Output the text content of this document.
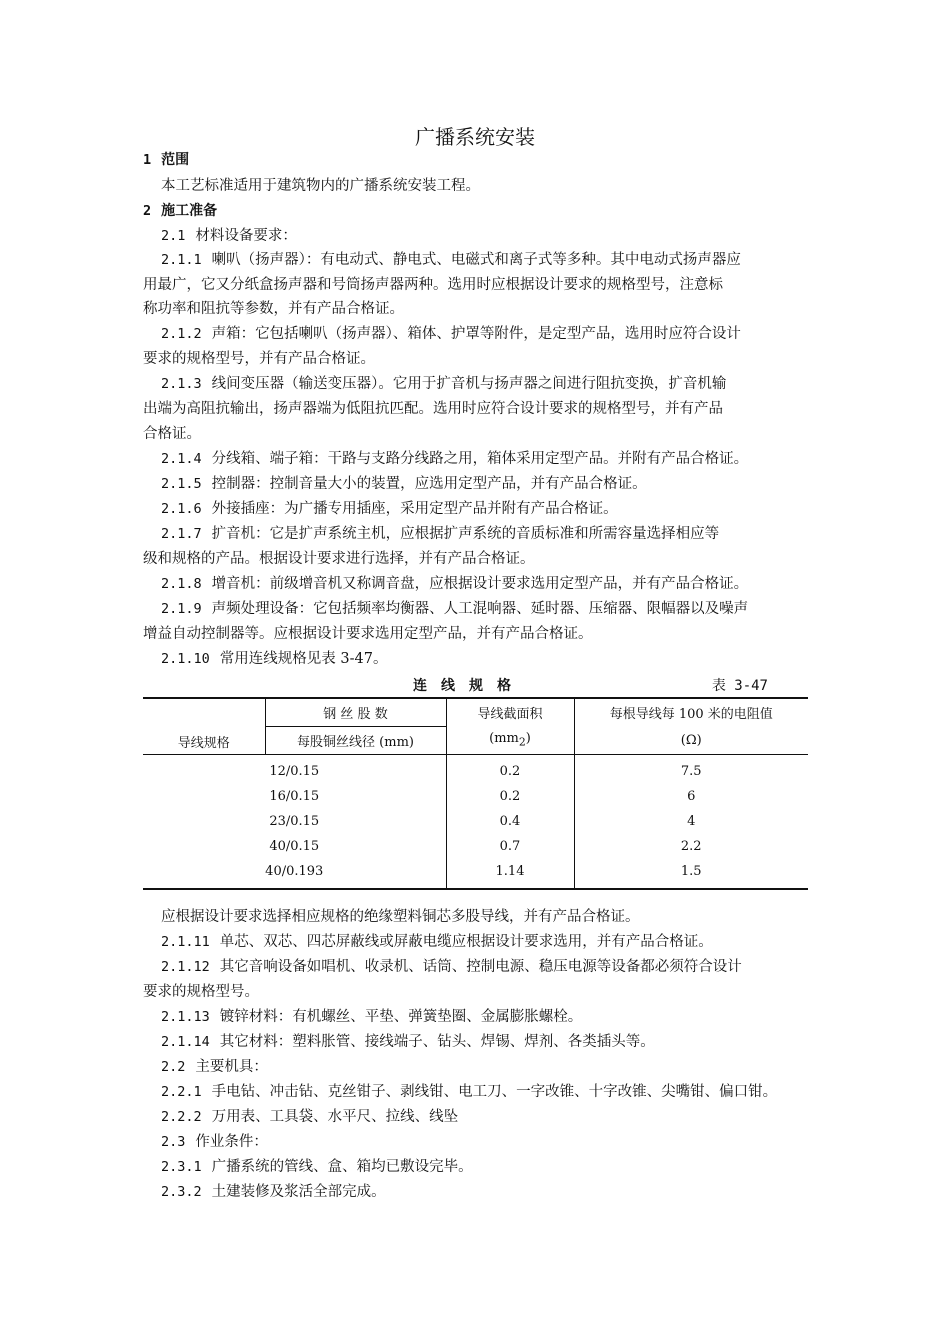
广播系统安装
1 范围
本工艺标准适用于建筑物内的广播系统安装工程。
2 施工准备
2.1 材料设备要求：
2.1.1 喇叭（扬声器）：有电动式、静电式、电磁式和离子式等多种。其中电动式扬声器应
用最广，它又分纸盒扬声器和号筒扬声器两种。选用时应根据设计要求的规格型号，注意标
称功率和阻抗等参数，并有产品合格证。
2.1.2 声箱：它包括喇叭（扬声器）、箱体、护罩等附件，是定型产品，选用时应符合设计
要求的规格型号，并有产品合格证。
2.1.3 线间变压器（输送变压器）。它用于扩音机与扬声器之间进行阻抗变换，扩音机输
出端为高阻抗输出，扬声器端为低阻抗匹配。选用时应符合设计要求的规格型号，并有产品
合格证。
2.1.4 分线箱、端子箱：干路与支路分线路之用，箱体采用定型产品。并附有产品合格证。
2.1.5 控制器：控制音量大小的装置，应选用定型产品，并有产品合格证。
2.1.6 外接插座：为广播专用插座，采用定型产品并附有产品合格证。
2.1.7 扩音机：它是扩声系统主机，应根据扩声系统的音质标准和所需容量选择相应等
级和规格的产品。根据设计要求进行选择，并有产品合格证。
2.1.8 增音机：前级增音机又称调音盘，应根据设计要求选用定型产品，并有产品合格证。
2.1.9 声频处理设备：它包括频率均衡器、人工混响器、延时器、压缩器、限幅器以及噪声
增益自动控制器等。应根据设计要求选用定型产品，并有产品合格证。
2.1.10 常用连线规格见表 3-47。
连线规格	表 3-47
导线规格	钢 丝 股 数	导线截面积	每根导线每 100 米的电阻值
	每股铜丝线径 (mm)	$(mm_2)$	(Ω)
12/0.15		0.2	7.5
16/0.15		0.2	6
23/0.15		0.4	4
40/0.15		0.7	2.2
40/0.193		1.14	1.5
应根据设计要求选择相应规格的绝缘塑料铜芯多股导线，并有产品合格证。
2.1.11 单芯、双芯、四芯屏蔽线或屏蔽电缆应根据设计要求选用，并有产品合格证。
2.1.12 其它音响设备如唱机、收录机、话筒、控制电源、稳压电源等设备都必须符合设计
要求的规格型号。
2.1.13 镀锌材料：有机螺丝、平垫、弹簧垫圈、金属膨胀螺栓。
2.1.14 其它材料：塑料胀管、接线端子、钻头、焊锡、焊剂、各类插头等。
2.2 主要机具：
2.2.1 手电钻、冲击钻、克丝钳子、剥线钳、电工刀、一字改锥、十字改锥、尖嘴钳、偏口钳。
2.2.2 万用表、工具袋、水平尺、拉线、线坠
2.3 作业条件：
2.3.1 广播系统的管线、盒、箱均已敷设完毕。
2.3.2 土建装修及浆活全部完成。
